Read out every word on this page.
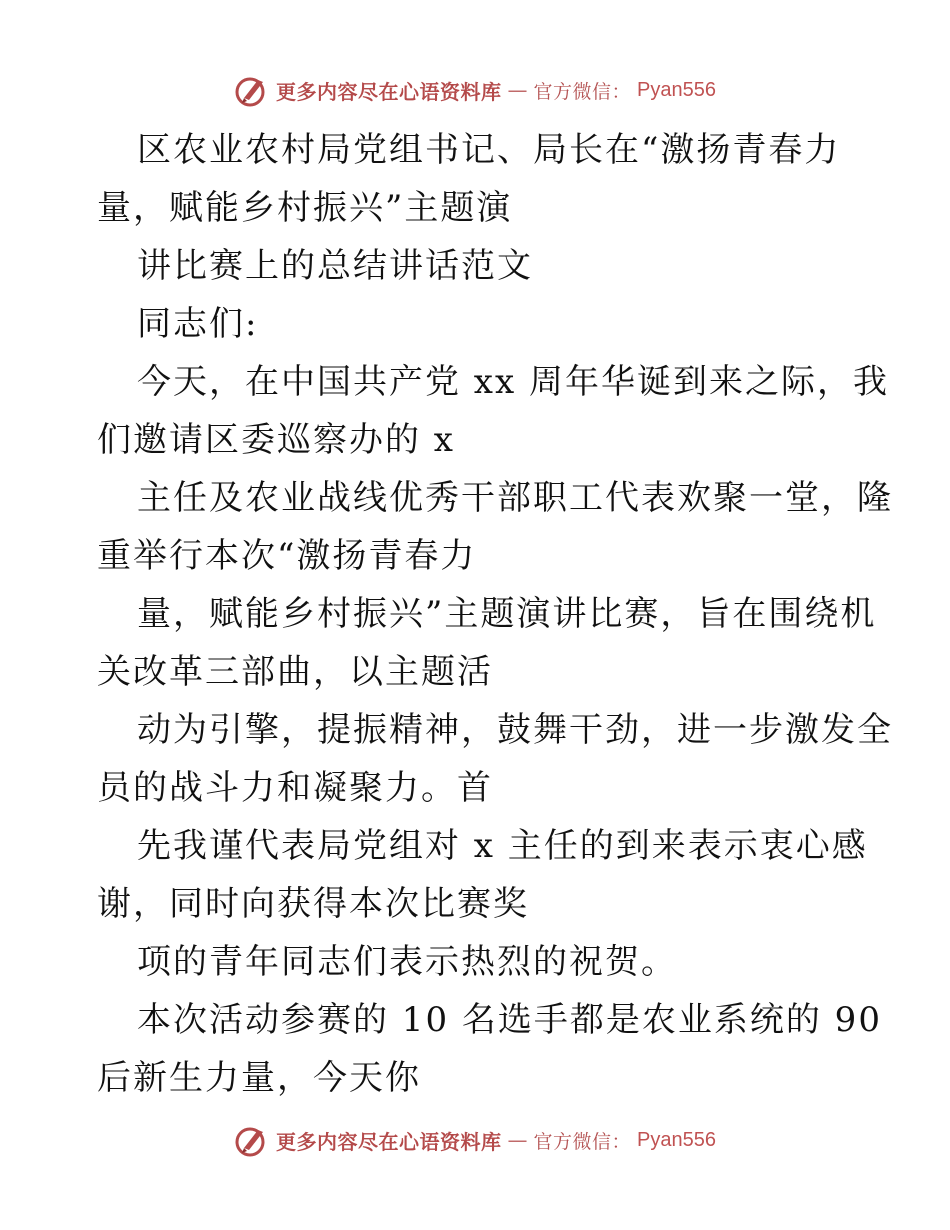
更多内容尽在心语资料库 — 官方微信： Pyan556
区农业农村局党组书记、局长在“激扬青春力
量，赋能乡村振兴”主题演
讲比赛上的总结讲话范文
同志们:
今天，在中国共产党 xx 周年华诞到来之际，我
们邀请区委巡察办的 x
主任及农业战线优秀干部职工代表欢聚一堂，隆
重举行本次“激扬青春力
量，赋能乡村振兴”主题演讲比赛，旨在围绕机
关改革三部曲，以主题活
动为引擎，提振精神，鼓舞干劲，进一步激发全
员的战斗力和凝聚力。首
先我谨代表局党组对 x 主任的到来表示衷心感
谢，同时向获得本次比赛奖
项的青年同志们表示热烈的祝贺。
本次活动参赛的 10 名选手都是农业系统的 90
后新生力量，今天你
更多内容尽在心语资料库 — 官方微信： Pyan556
